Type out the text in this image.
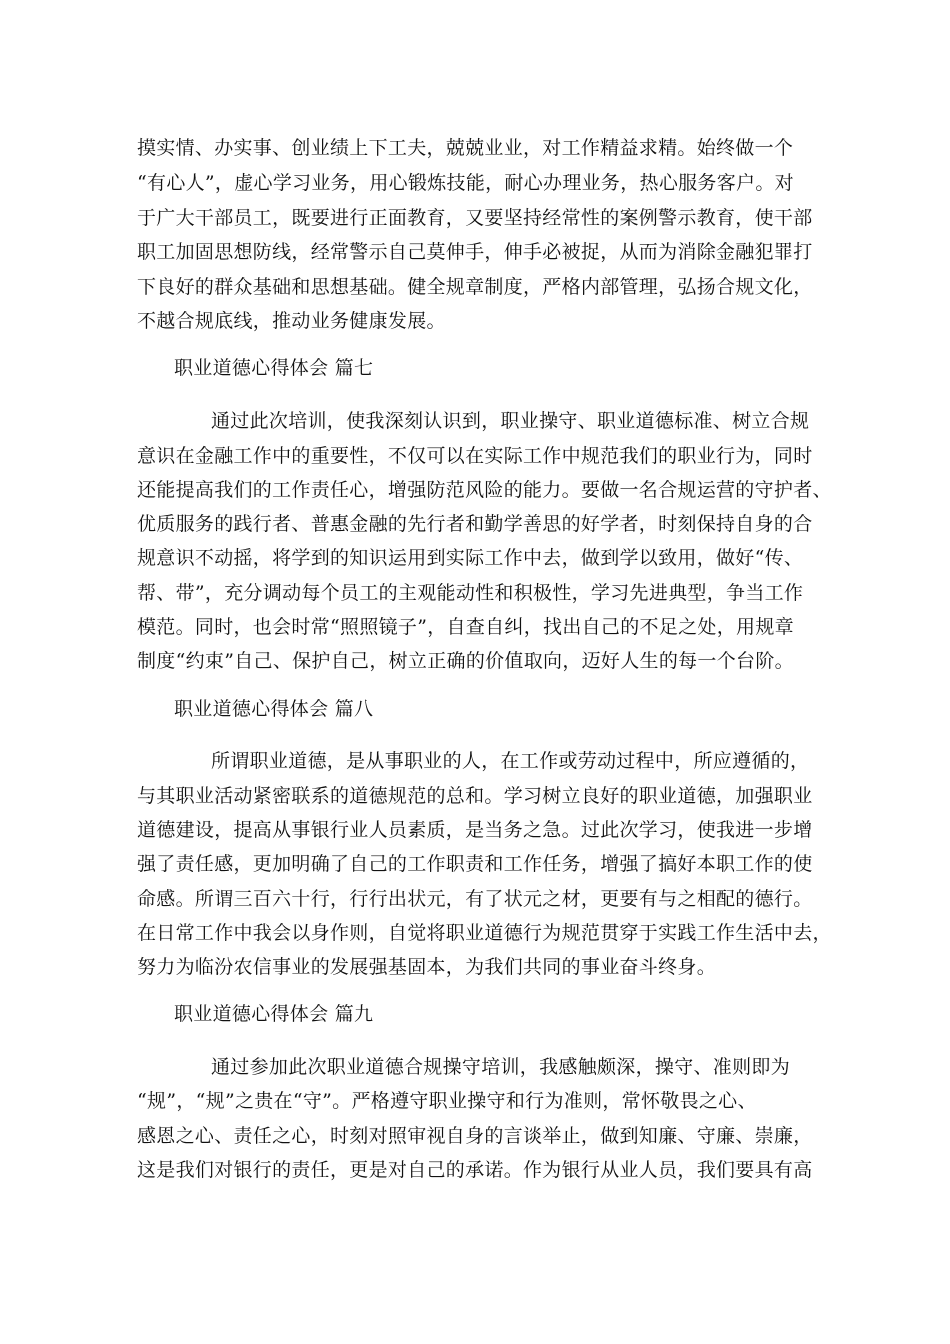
摸实情、办实事、创业绩上下工夫，兢兢业业，对工作精益求精。始终做一个
“有心人”，虚心学习业务，用心锻炼技能，耐心办理业务，热心服务客户。对
于广大干部员工，既要进行正面教育，又要坚持经常性的案例警示教育，使干部
职工加固思想防线，经常警示自己莫伸手，伸手必被捉，从而为消除金融犯罪打
下良好的群众基础和思想基础。健全规章制度，严格内部管理，弘扬合规文化，
不越合规底线，推动业务健康发展。
职业道德心得体会 篇七
通过此次培训，使我深刻认识到，职业操守、职业道德标准、树立合规
意识在金融工作中的重要性，不仅可以在实际工作中规范我们的职业行为，同时
还能提高我们的工作责任心，增强防范风险的能力。要做一名合规运营的守护者、
优质服务的践行者、普惠金融的先行者和勤学善思的好学者，时刻保持自身的合
规意识不动摇，将学到的知识运用到实际工作中去，做到学以致用，做好“传、
帮、带”，充分调动每个员工的主观能动性和积极性，学习先进典型，争当工作
模范。同时，也会时常“照照镜子”，自查自纠，找出自己的不足之处，用规章
制度“约束”自己、保护自己，树立正确的价值取向，迈好人生的每一个台阶。
职业道德心得体会 篇八
所谓职业道德，是从事职业的人，在工作或劳动过程中，所应遵循的，
与其职业活动紧密联系的道德规范的总和。学习树立良好的职业道德，加强职业
道德建设，提高从事银行业人员素质，是当务之急。过此次学习，使我进一步增
强了责任感，更加明确了自己的工作职责和工作任务，增强了搞好本职工作的使
命感。所谓三百六十行，行行出状元，有了状元之材，更要有与之相配的德行。
在日常工作中我会以身作则，自觉将职业道德行为规范贯穿于实践工作生活中去，
努力为临汾农信事业的发展强基固本，为我们共同的事业奋斗终身。
职业道德心得体会 篇九
通过参加此次职业道德合规操守培训，我感触颇深，操守、准则即为
“规”，“规”之贵在“守”。严格遵守职业操守和行为准则，常怀敬畏之心、
感恩之心、责任之心，时刻对照审视自身的言谈举止，做到知廉、守廉、崇廉，
这是我们对银行的责任，更是对自己的承诺。作为银行从业人员，我们要具有高
